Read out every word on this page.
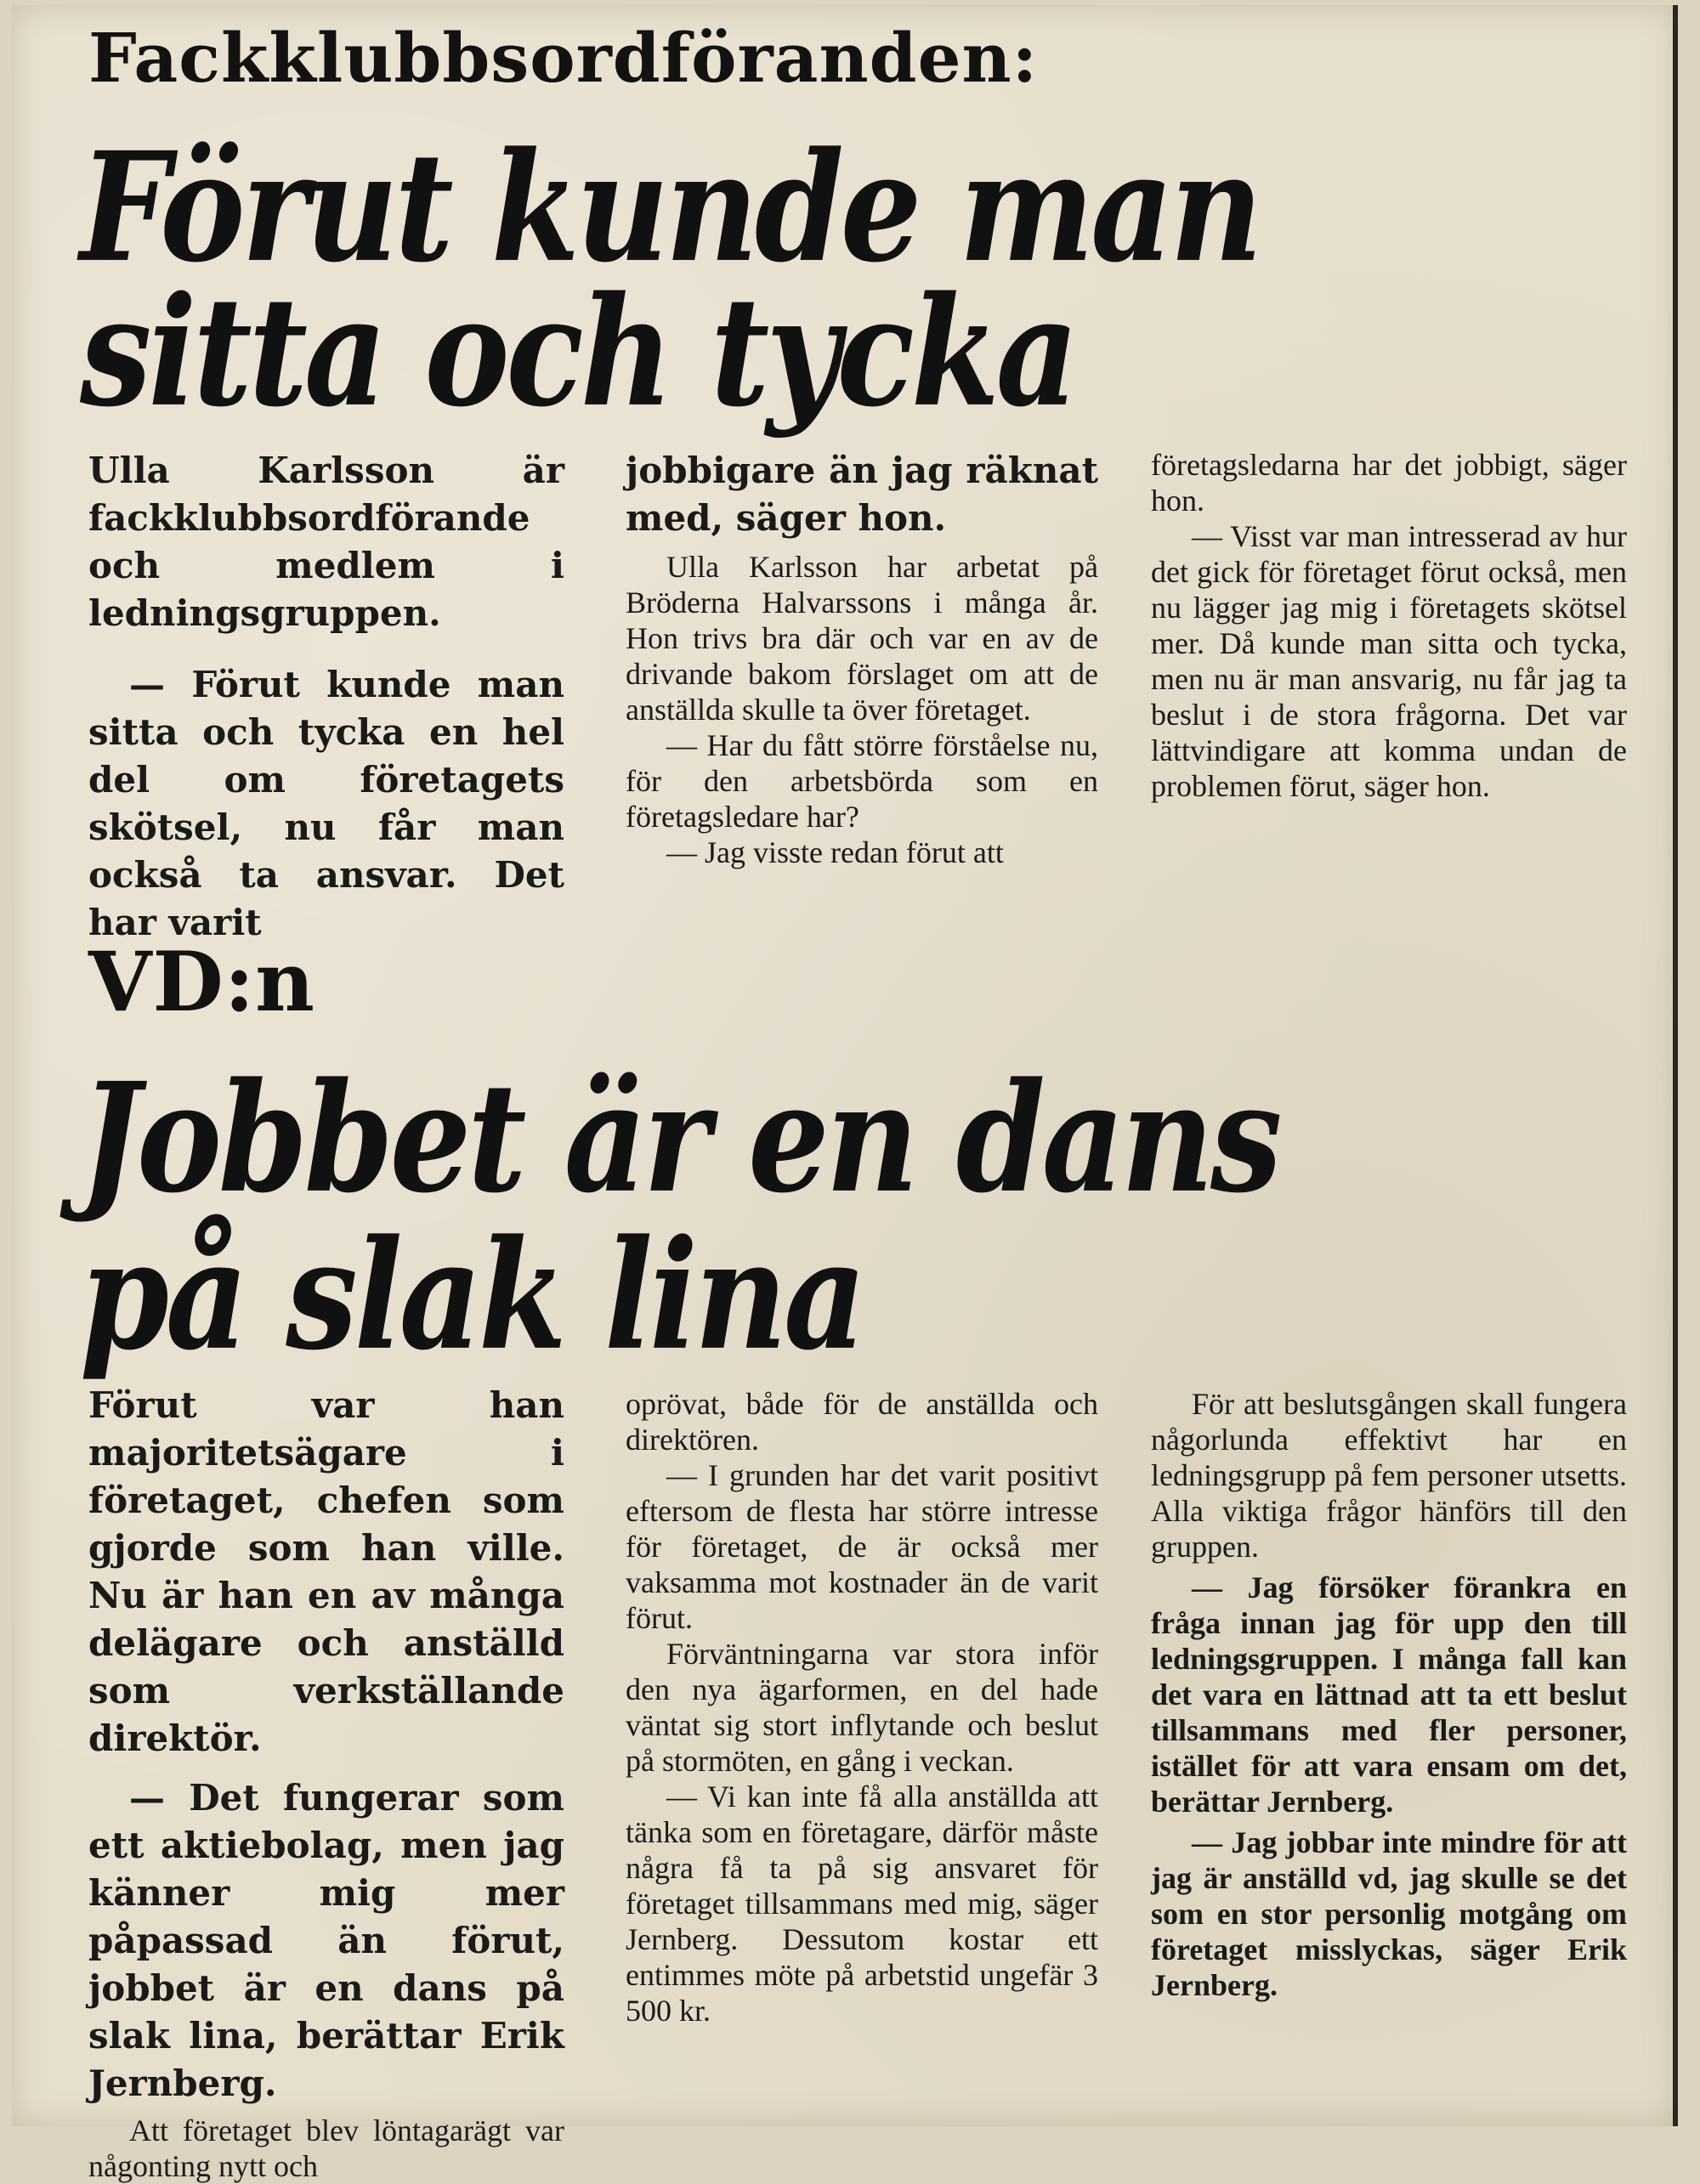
Fackklubbsordföranden:
Förut kunde man
sitta och tycka

Ulla Karlsson är fackklubbsordförande och medlem i ledningsgruppen.

— Förut kunde man sitta och tycka en hel del om företagets skötsel, nu får man också ta ansvar. Det har varit

jobbigare än jag räknat med, säger hon.

Ulla Karlsson har arbetat på Bröderna Halvarssons i många år. Hon trivs bra där och var en av de drivande bakom förslaget om att de anställda skulle ta över företaget.

— Har du fått större förståelse nu, för den arbetsbörda som en företagsledare har?

— Jag visste redan förut att

företagsledarna har det jobbigt, säger hon.

— Visst var man intresserad av hur det gick för företaget förut också, men nu lägger jag mig i företagets skötsel mer. Då kunde man sitta och tycka, men nu är man ansvarig, nu får jag ta beslut i de stora frågorna. Det var lättvindigare att komma undan de problemen förut, säger hon.

VD:n
Jobbet är en dans
på slak lina

Förut var han majoritetsägare i företaget, chefen som gjorde som han ville. Nu är han en av många delägare och anställd som verkställande direktör.

— Det fungerar som ett aktiebolag, men jag känner mig mer påpassad än förut, jobbet är en dans på slak lina, berättar Erik Jernberg.

Att företaget blev löntagarägt var någonting nytt och

oprövat, både för de anställda och direktören.

— I grunden har det varit positivt eftersom de flesta har större intresse för företaget, de är också mer vaksamma mot kostnader än de varit förut.

Förväntningarna var stora inför den nya ägarformen, en del hade väntat sig stort inflytande och beslut på stormöten, en gång i veckan.

— Vi kan inte få alla anställda att tänka som en företagare, därför måste några få ta på sig ansvaret för företaget tillsammans med mig, säger Jernberg. Dessutom kostar ett entimmes möte på arbetstid ungefär 3 500 kr.

För att beslutsgången skall fungera någorlunda effektivt har en ledningsgrupp på fem personer utsetts. Alla viktiga frågor hänförs till den gruppen.

— Jag försöker förankra en fråga innan jag för upp den till ledningsgruppen. I många fall kan det vara en lättnad att ta ett beslut tillsammans med fler personer, istället för att vara ensam om det, berättar Jernberg.

— Jag jobbar inte mindre för att jag är anställd vd, jag skulle se det som en stor personlig motgång om företaget misslyckas, säger Erik Jernberg.
